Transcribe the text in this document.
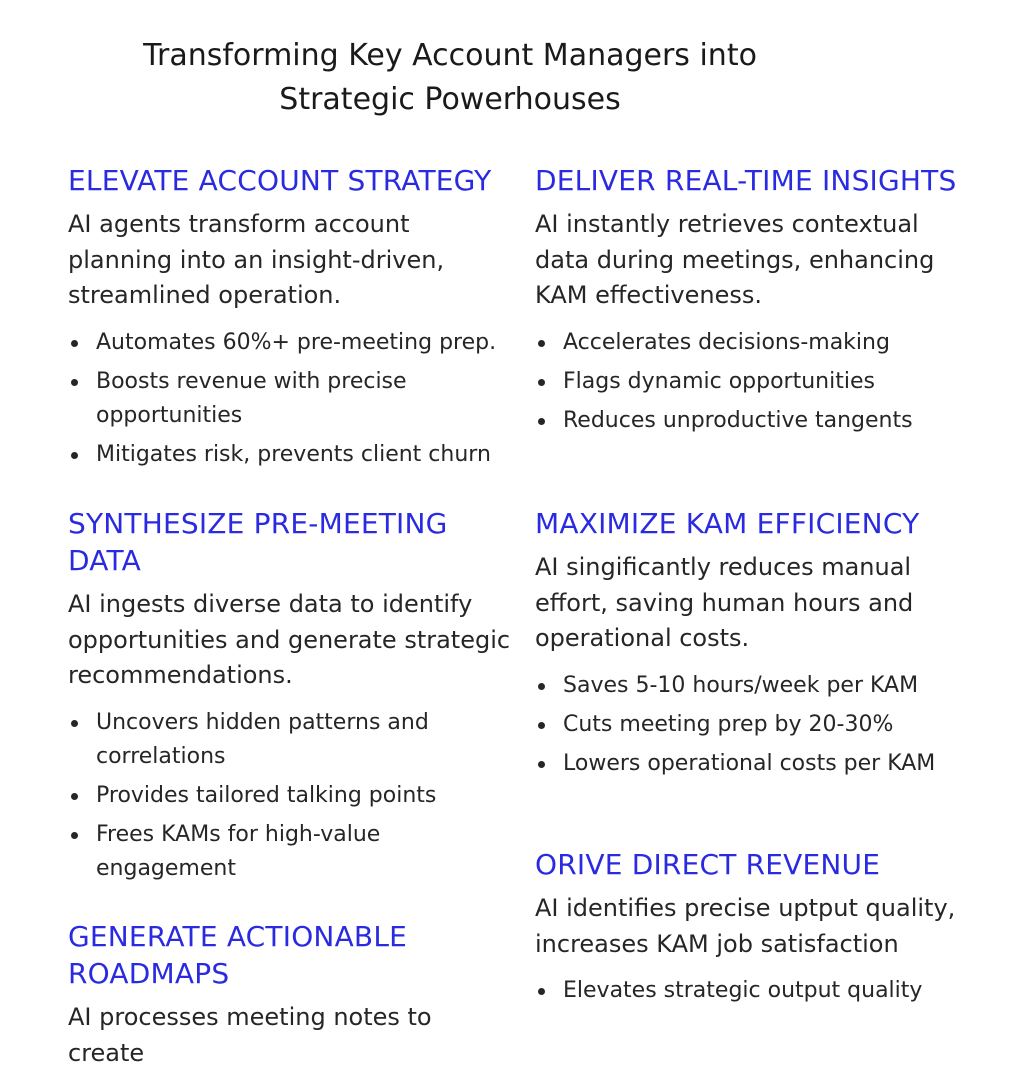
Transforming Key Account Managers into
Strategic Powerhouses
ELEVATE ACCOUNT STRATEGY

AI agents transform account planning into an insight-driven, streamlined operation.

Automates 60%+ pre-meeting prep.
Boosts revenue with precise opportunities
Mitigates risk, prevents client churn
DELIVER REAL-TIME INSIGHTS

AI instantly retrieves contextual data during meetings, enhancing KAM effectiveness.

Accelerates decisions-making
Flags dynamic opportunities
Reduces unproductive tangents
SYNTHESIZE PRE-MEETING DATA

AI ingests diverse data to identify opportunities and generate strategic recommendations.

Uncovers hidden patterns and correlations
Provides tailored talking points
Frees KAMs for high-value engagement
MAXIMIZE KAM EFFICIENCY

AI singificantly reduces manual effort, saving human hours and operational costs.

Saves 5-10 hours/week per KAM
Cuts meeting prep by 20-30%
Lowers operational costs per KAM
GENERATE ACTIONABLE ROADMAPS

AI processes meeting notes to create

ORIVE DIRECT REVENUE

AI identifies precise uptput quality, increases KAM job satisfaction

Elevates strategic output quality
